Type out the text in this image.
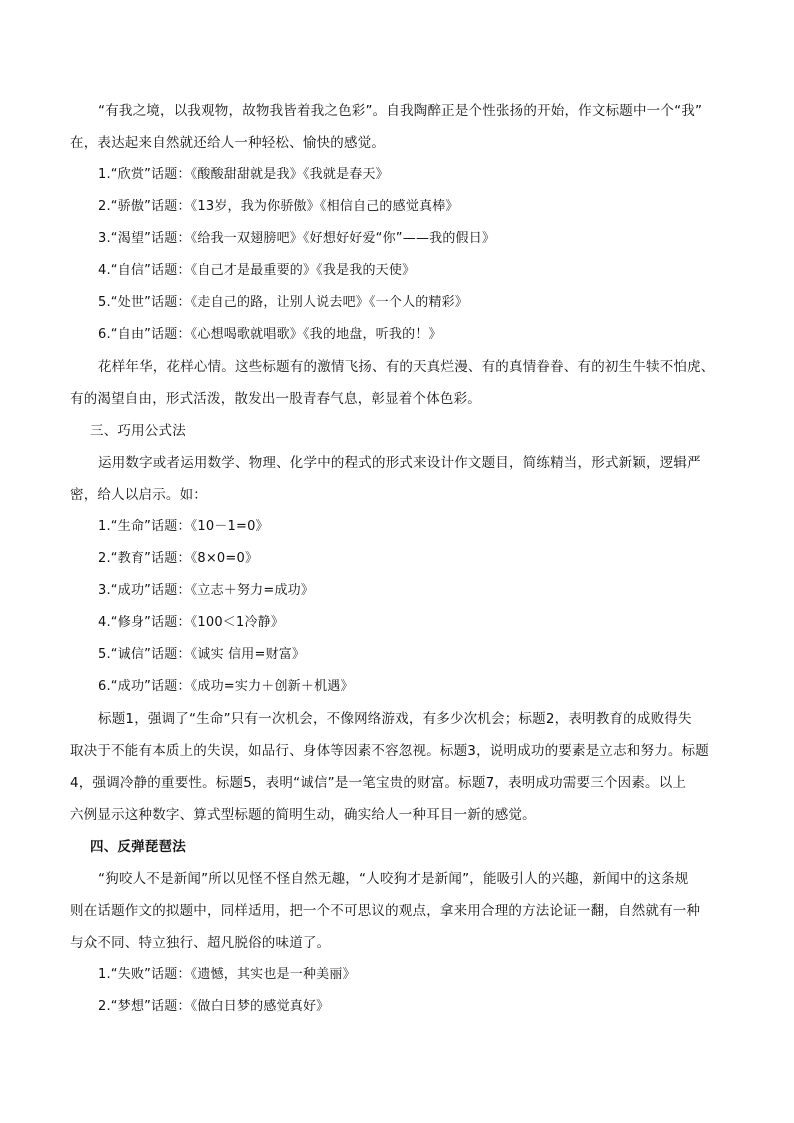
“有我之境，以我观物，故物我皆着我之色彩”。自我陶醉正是个性张扬的开始，作文标题中一个“我”
在，表达起来自然就还给人一种轻松、愉快的感觉。
1.“欣赏”话题：《酸酸甜甜就是我》《我就是春天》
2.“骄傲”话题：《13岁，我为你骄傲》《相信自己的感觉真棒》
3.“渴望”话题：《给我一双翅膀吧》《好想好好爱“你”——我的假日》
4.“自信”话题：《自己才是最重要的》《我是我的天使》
5.“处世”话题：《走自己的路，让别人说去吧》《一个人的精彩》
6.“自由”话题：《心想喝歌就唱歌》《我的地盘，听我的！》
花样年华，花样心情。这些标题有的激情飞扬、有的天真烂漫、有的真情眷眷、有的初生牛犊不怕虎、
有的渴望自由，形式活泼，散发出一股青春气息，彰显着个体色彩。
三、巧用公式法
运用数字或者运用数学、物理、化学中的程式的形式来设计作文题目，简练精当，形式新颖，逻辑严
密，给人以启示。如：
1.“生命”话题：《10－1=0》
2.“教育”话题：《8×0=0》
3.“成功”话题：《立志＋努力=成功》
4.“修身”话题：《100＜1冷静》
5.“诚信”话题：《诚实 信用=财富》
6.“成功”话题：《成功=实力＋创新＋机遇》
标题1，强调了“生命”只有一次机会，不像网络游戏，有多少次机会；标题2，表明教育的成败得失
取决于不能有本质上的失误，如品行、身体等因素不容忽视。标题3，说明成功的要素是立志和努力。标题
4，强调冷静的重要性。标题5，表明“诚信”是一笔宝贵的财富。标题7，表明成功需要三个因素。以上
六例显示这种数字、算式型标题的简明生动，确实给人一种耳目一新的感觉。
四、反弹琵琶法
“狗咬人不是新闻”所以见怪不怪自然无趣，“人咬狗才是新闻”，能吸引人的兴趣，新闻中的这条规
则在话题作文的拟题中，同样适用，把一个不可思议的观点，拿来用合理的方法论证一翻，自然就有一种
与众不同、特立独行、超凡脱俗的味道了。
1.“失败”话题：《遗憾，其实也是一种美丽》
2.“梦想”话题：《做白日梦的感觉真好》
